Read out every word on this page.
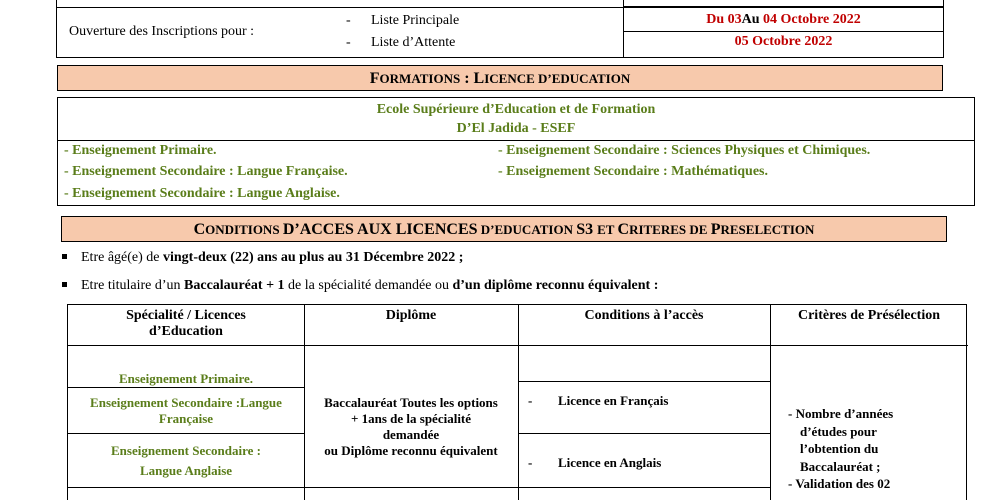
Ouverture des Inscriptions pour :
- Liste Principale
- Liste d’Attente
Du 03Au 04 Octobre 2022
05 Octobre 2022
FORMATIONS : LICENCE D’EDUCATION
Ecole Supérieure d’Education et de Formation
D’El Jadida - ESEF
- Enseignement Primaire.
- Enseignement Secondaire : Langue Française.
- Enseignement Secondaire : Langue Anglaise.
- Enseignement Secondaire : Sciences Physiques et Chimiques.
- Enseignement Secondaire : Mathématiques.
CONDITIONS D’ACCES AUX LICENCES D’EDUCATION S3 ET CRITERES DE PRESELECTION
Etre âgé(e) de vingt-deux (22) ans au plus au 31 Décembre 2022 ;
Etre titulaire d’un Baccalauréat + 1 de la spécialité demandée ou d’un diplôme reconnu équivalent :
Spécialité / Licences
d’Education
Diplôme	Conditions à l’accès	Critères de Présélection
Enseignement Primaire.
Enseignement Secondaire :Langue
Française
Enseignement Secondaire :
Langue Anglaise
Baccalauréat Toutes les options
+ 1ans de la spécialité
demandée
ou Diplôme reconnu équivalent
- Licence en Français
- Licence en Anglais
- Nombre d’années
d’études pour
l’obtention du
Baccalauréat ;
- Validation des 02
